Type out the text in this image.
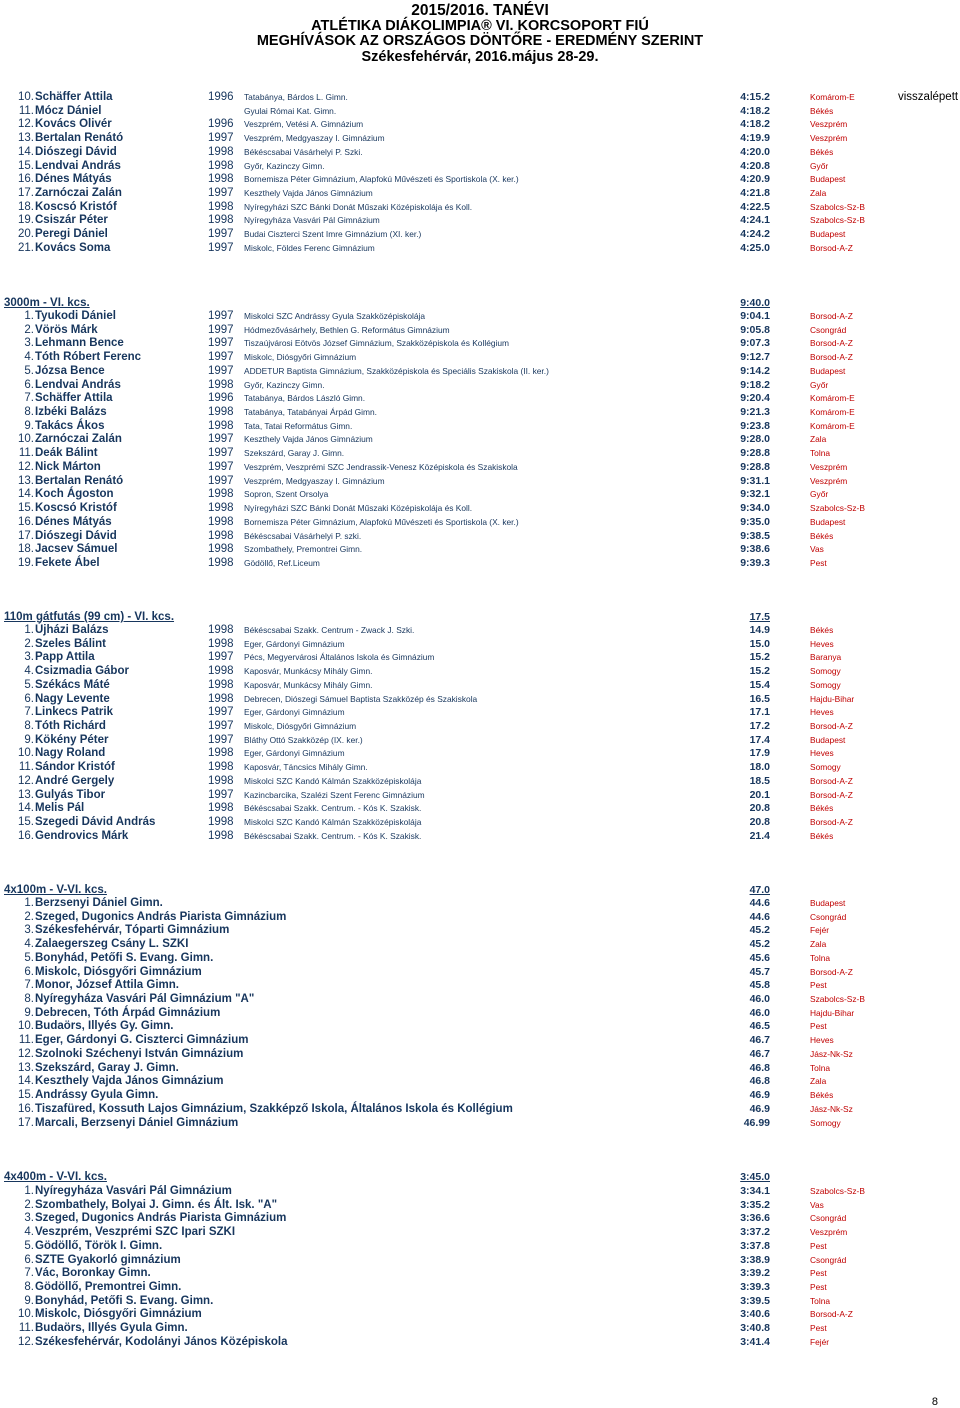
2015/2016. TANÉVI
ATLÉTIKA DIÁKOLIMPIA® VI. KORCSOPORT FIÚ
MEGHÍVÁSOK AZ ORSZÁGOS DÖNTŐRE - EREDMÉNY SZERINT
Székesfehérvár, 2016.május 28-29.
10. Schäffer Attila	1996 Tatabánya, Bárdos L. Gimn.	4:15.2	Komárom-E	visszalépett
11. Mócz Dániel	Gyulai Római Kat. Gimn.	4:18.2	Békés
12. Kovács Olivér	1996 Veszprém, Vetési A. Gimnázium	4:18.2	Veszprém
13. Bertalan Renátó	1997 Veszprém, Medgyaszay I. Gimnázium	4:19.9	Veszprém
14. Diószegi Dávid	1998 Békéscsabai Vásárhelyi P. Szki.	4:20.0	Békés
15. Lendvai András	1998 Győr, Kazinczy Gimn.	4:20.8	Győr
16. Dénes Mátyás	1998 Bornemisza Péter Gimnázium, Alapfokú Művészeti és Sportiskola (X. ker.)	4:20.9	Budapest
17. Zarnóczai Zalán	1997 Keszthely Vajda János Gimnázium	4:21.8	Zala
18. Koscsó Kristóf	1998 Nyíregyházi SZC Bánki Donát Műszaki Középiskolája és Koll.	4:22.5	Szabolcs-Sz-B
19. Csiszár Péter	1998 Nyíregyháza Vasvári Pál Gimnázium	4:24.1	Szabolcs-Sz-B
20. Peregi Dániel	1997 Budai Ciszterci Szent Imre Gimnázium (XI. ker.)	4:24.2	Budapest
21. Kovács Soma	1997 Miskolc, Földes Ferenc Gimnázium	4:25.0	Borsod-A-Z
3000m - VI. kcs.	9:40.0
1. Tyukodi Dániel	1997 Miskolci SZC Andrássy Gyula Szakközépiskolája	9:04.1	Borsod-A-Z
2. Vörös Márk	1997 Hódmezővásárhely, Bethlen G. Református Gimnázium	9:05.8	Csongrád
3. Lehmann Bence	1997 Tiszaújvárosi Eötvös József Gimnázium, Szakközépiskola és Kollégium	9:07.3	Borsod-A-Z
4. Tóth Róbert Ferenc	1997 Miskolc, Diósgyőri Gimnázium	9:12.7	Borsod-A-Z
5. Józsa Bence	1997 ADDETUR Baptista Gimnázium, Szakközépiskola és Speciális Szakiskola (II. ker.)	9:14.2	Budapest
6. Lendvai András	1998 Győr, Kazinczy Gimn.	9:18.2	Győr
7. Schäffer Attila	1996 Tatabánya, Bárdos László Gimn.	9:20.4	Komárom-E
8. Izbéki Balázs	1998 Tatabánya, Tatabányai Árpád Gimn.	9:21.3	Komárom-E
9. Takács Ákos	1998 Tata, Tatai Református Gimn.	9:23.8	Komárom-E
10. Zarnóczai Zalán	1997 Keszthely Vajda János Gimnázium	9:28.0	Zala
11. Deák Bálint	1997 Szekszárd, Garay J. Gimn.	9:28.8	Tolna
12. Nick Márton	1997 Veszprém, Veszprémi SZC Jendrassik-Venesz Középiskola és Szakiskola	9:28.8	Veszprém
13. Bertalan Renátó	1997 Veszprém, Medgyaszay I. Gimnázium	9:31.1	Veszprém
14. Koch Ágoston	1998 Sopron, Szent Orsolya	9:32.1	Győr
15. Koscsó Kristóf	1998 Nyíregyházi SZC Bánki Donát Műszaki Középiskolája és Koll.	9:34.0	Szabolcs-Sz-B
16. Dénes Mátyás	1998 Bornemisza Péter Gimnázium, Alapfokú Művészeti és Sportiskola (X. ker.)	9:35.0	Budapest
17. Diószegi Dávid	1998 Békéscsabai Vásárhelyi P. szki.	9:38.5	Békés
18. Jacsev Sámuel	1998 Szombathely, Premontrei Gimn.	9:38.6	Vas
19. Fekete Ábel	1998 Gödöllő, Ref.Liceum	9:39.3	Pest
110m gátfutás (99 cm) - VI. kcs.	17.5
1. Újházi Balázs	1998 Békéscsabai Szakk. Centrum - Zwack J. Szki.	14.9	Békés
2. Szeles Bálint	1998 Eger, Gárdonyi Gimnázium	15.0	Heves
3. Papp Attila	1997 Pécs, Megyervárosi Általános Iskola és Gimnázium	15.2	Baranya
4. Csizmadia Gábor	1998 Kaposvár, Munkácsy Mihály Gimn.	15.2	Somogy
5. Székács Máté	1998 Kaposvár, Munkácsy Mihály Gimn.	15.4	Somogy
6. Nagy Levente	1998 Debrecen, Diószegi Sámuel Baptista Szakközép és Szakiskola	16.5	Hajdu-Bihar
7. Linkecs Patrik	1997 Eger, Gárdonyi Gimnázium	17.1	Heves
8. Tóth Richárd	1997 Miskolc, Diósgyőri Gimnázium	17.2	Borsod-A-Z
9. Kökény Péter	1997 Bláthy Ottó Szakközép (IX. ker.)	17.4	Budapest
10. Nagy Roland	1998 Eger, Gárdonyi Gimnázium	17.9	Heves
11. Sándor Kristóf	1998 Kaposvár, Táncsics Mihály Gimn.	18.0	Somogy
12. André Gergely	1998 Miskolci SZC Kandó Kálmán Szakközépiskolája	18.5	Borsod-A-Z
13. Gulyás Tibor	1997 Kazincbarcika, Szalézi Szent Ferenc Gimnázium	20.1	Borsod-A-Z
14. Melis Pál	1998 Békéscsabai Szakk. Centrum. - Kós K. Szakisk.	20.8	Békés
15. Szegedi Dávid András	1998 Miskolci SZC Kandó Kálmán Szakközépiskolája	20.8	Borsod-A-Z
16. Gendrovics Márk	1998 Békéscsabai Szakk. Centrum. - Kós K. Szakisk.	21.4	Békés
4x100m - V-VI. kcs.	47.0
1. Berzsenyi Dániel Gimn.	44.6	Budapest
2. Szeged, Dugonics András Piarista Gimnázium	44.6	Csongrád
3. Székesfehérvár, Tóparti Gimnázium	45.2	Fejér
4. Zalaegerszeg Csány L. SZKI	45.2	Zala
5. Bonyhád, Petőfi S. Evang. Gimn.	45.6	Tolna
6. Miskolc, Diósgyőri Gimnázium	45.7	Borsod-A-Z
7. Monor, József Attila Gimn.	45.8	Pest
8. Nyíregyháza Vasvári Pál Gimnázium "A"	46.0	Szabolcs-Sz-B
9. Debrecen, Tóth Árpád Gimnázium	46.0	Hajdu-Bihar
10. Budaörs, Illyés Gy. Gimn.	46.5	Pest
11. Eger, Gárdonyi G. Ciszterci Gimnázium	46.7	Heves
12. Szolnoki Széchenyi István Gimnázium	46.7	Jász-Nk-Sz
13. Szekszárd, Garay J. Gimn.	46.8	Tolna
14. Keszthely Vajda János Gimnázium	46.8	Zala
15. Andrássy Gyula Gimn.	46.9	Békés
16. Tiszafüred, Kossuth Lajos Gimnázium, Szakképző Iskola, Általános Iskola és Kollégium	46.9	Jász-Nk-Sz
17. Marcali, Berzsenyi Dániel Gimnázium	46.99	Somogy
4x400m - V-VI. kcs.	3:45.0
1. Nyíregyháza Vasvári Pál Gimnázium	3:34.1	Szabolcs-Sz-B
2. Szombathely, Bolyai J. Gimn. és Ált. Isk. "A"	3:35.2	Vas
3. Szeged, Dugonics András Piarista Gimnázium	3:36.6	Csongrád
4. Veszprém, Veszprémi SZC Ipari SZKI	3:37.2	Veszprém
5. Gödöllő, Török I. Gimn.	3:37.8	Pest
6. SZTE Gyakorló gimnázium	3:38.9	Csongrád
7. Vác, Boronkay Gimn.	3:39.2	Pest
8. Gödöllő, Premontrei Gimn.	3:39.3	Pest
9. Bonyhád, Petőfi S. Evang. Gimn.	3:39.5	Tolna
10. Miskolc, Diósgyőri Gimnázium	3:40.6	Borsod-A-Z
11. Budaörs, Illyés Gyula Gimn.	3:40.8	Pest
12. Székesfehérvár, Kodolányi János Középiskola	3:41.4	Fejér
8
